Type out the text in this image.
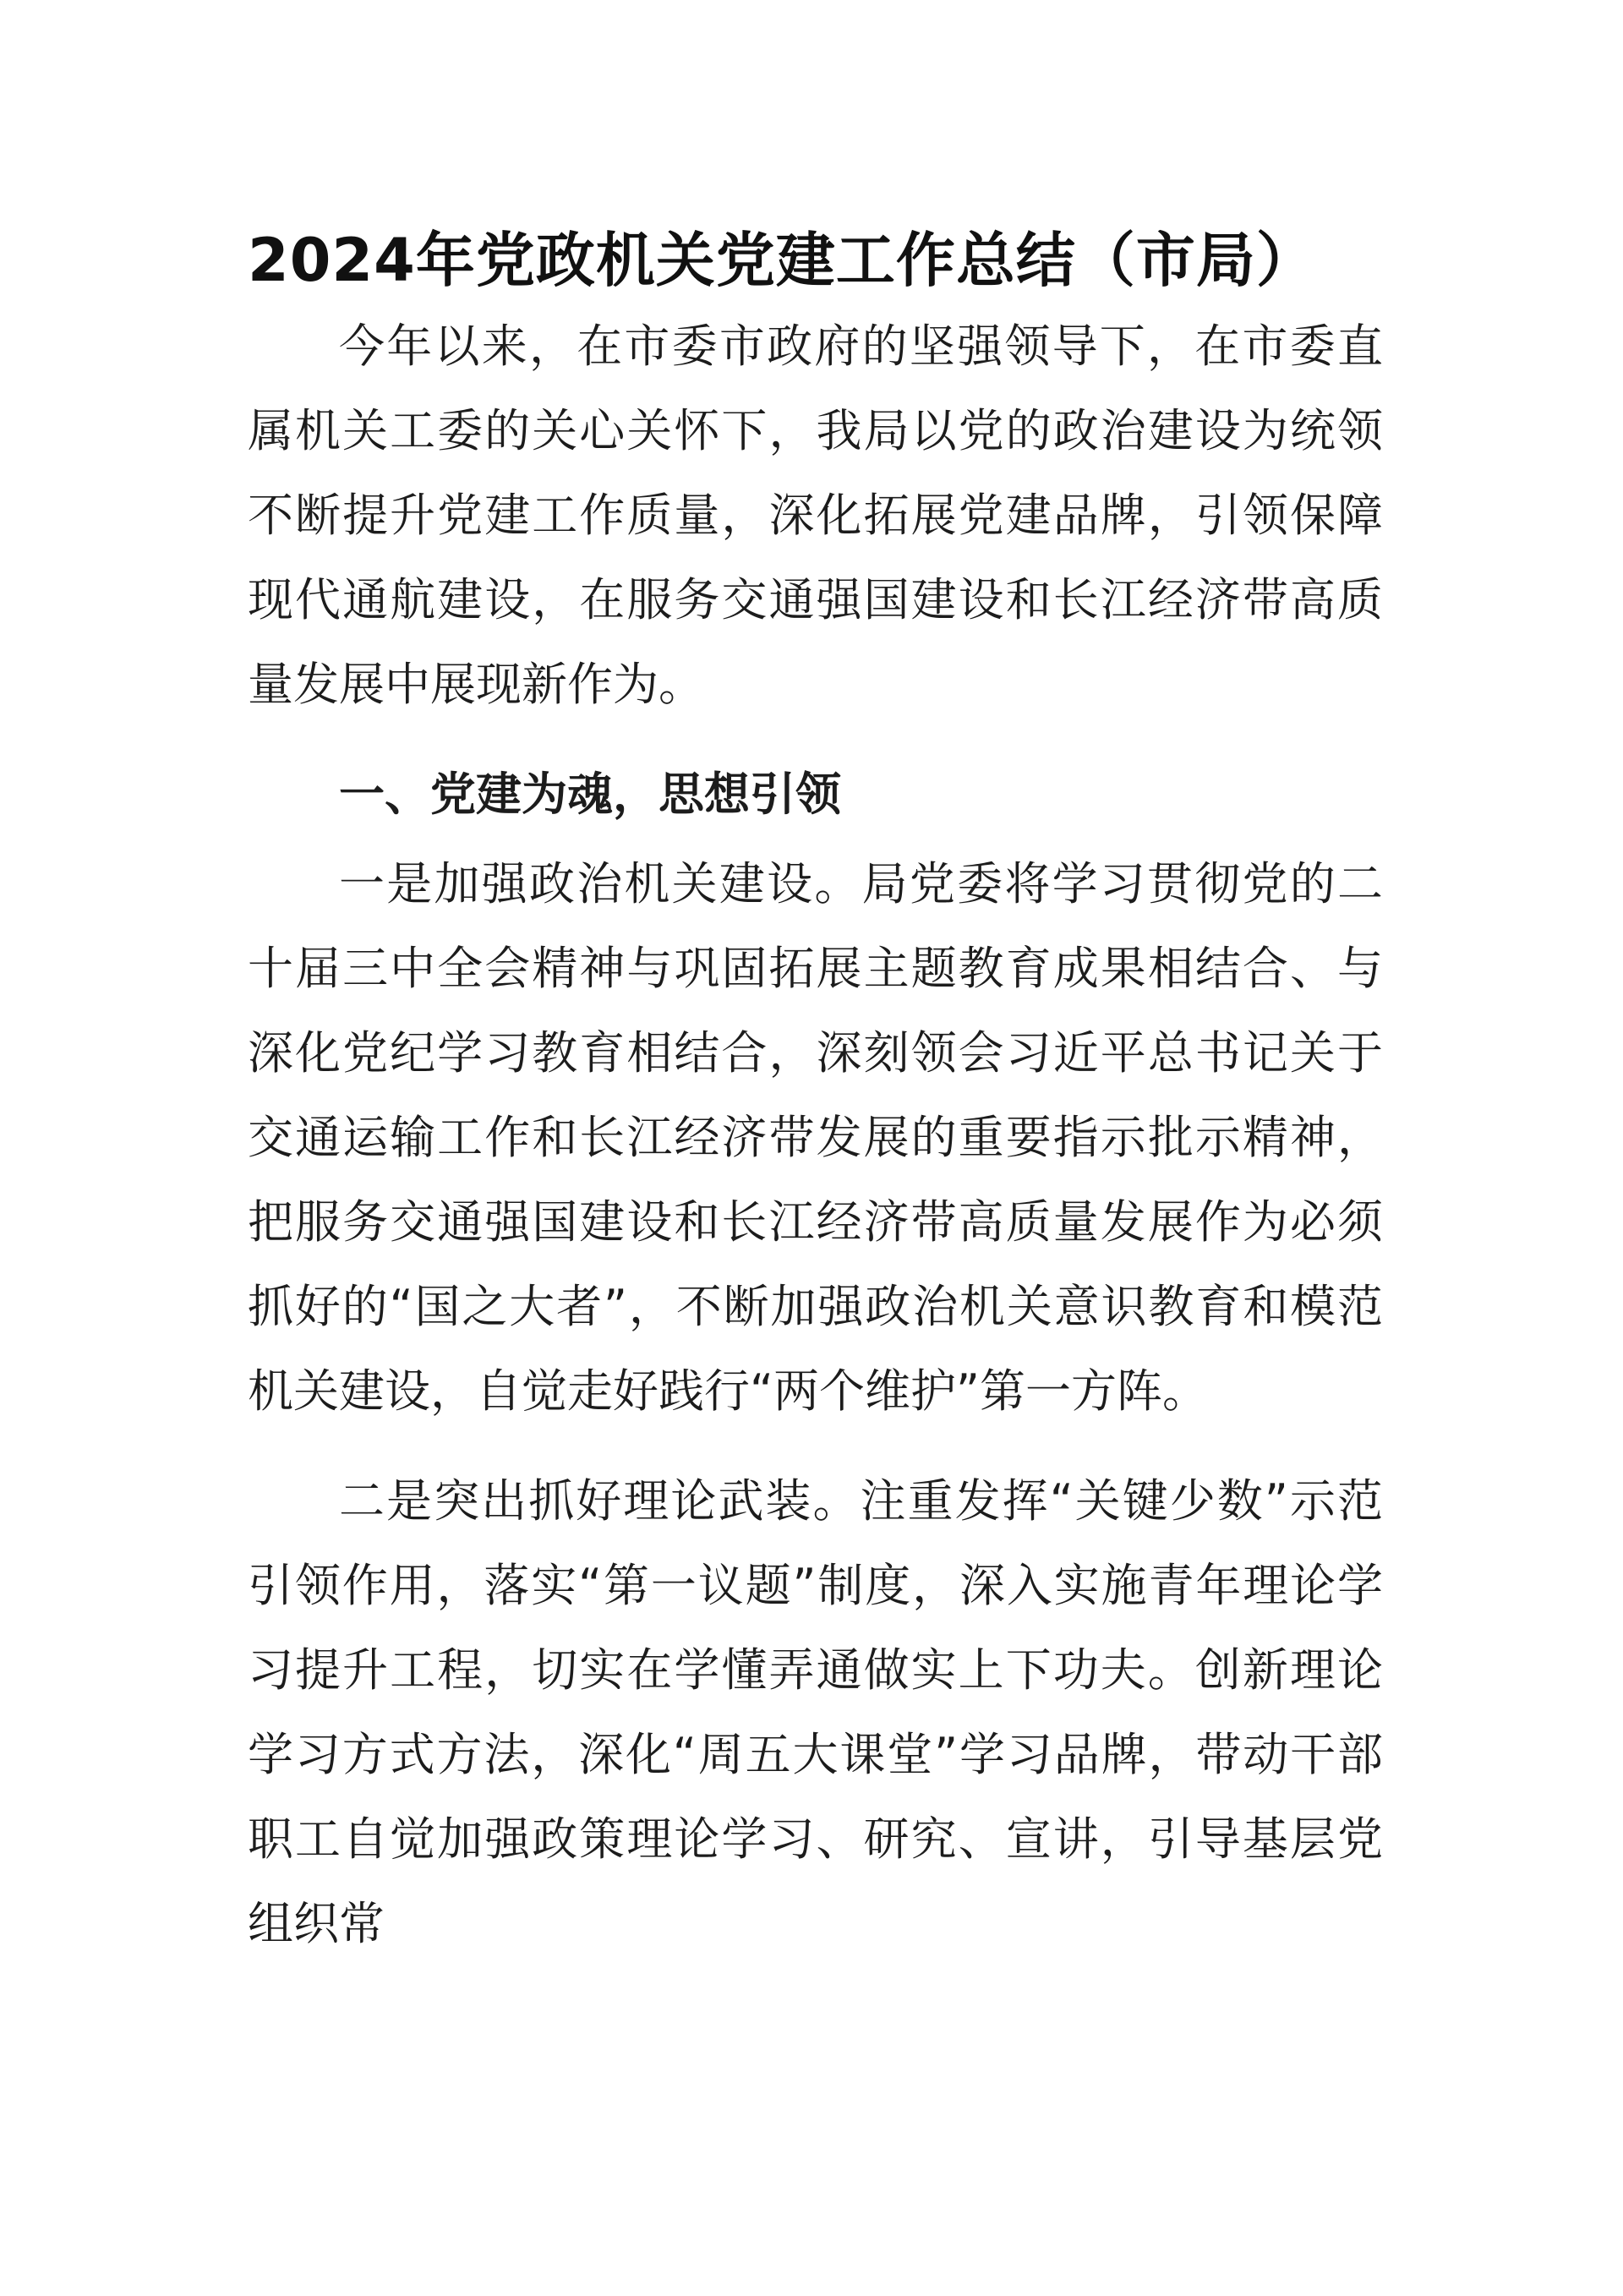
2024年党政机关党建工作总结（市局）

今年以来，在市委市政府的坚强领导下，在市委直属机关工委的关心关怀下，我局以党的政治建设为统领不断提升党建工作质量，深化拓展党建品牌，引领保障现代通航建设，在服务交通强国建设和长江经济带高质量发展中展现新作为。

一、党建为魂，思想引领

一是加强政治机关建设。局党委将学习贯彻党的二十届三中全会精神与巩固拓展主题教育成果相结合、与深化党纪学习教育相结合，深刻领会习近平总书记关于交通运输工作和长江经济带发展的重要指示批示精神，把服务交通强国建设和长江经济带高质量发展作为必须抓好的“国之大者”，不断加强政治机关意识教育和模范机关建设，自觉走好践行“两个维护”第一方阵。

二是突出抓好理论武装。注重发挥“关键少数”示范引领作用，落实“第一议题”制度，深入实施青年理论学习提升工程，切实在学懂弄通做实上下功夫。创新理论学习方式方法，深化“周五大课堂”学习品牌，带动干部职工自觉加强政策理论学习、研究、宣讲，引导基层党组织常
